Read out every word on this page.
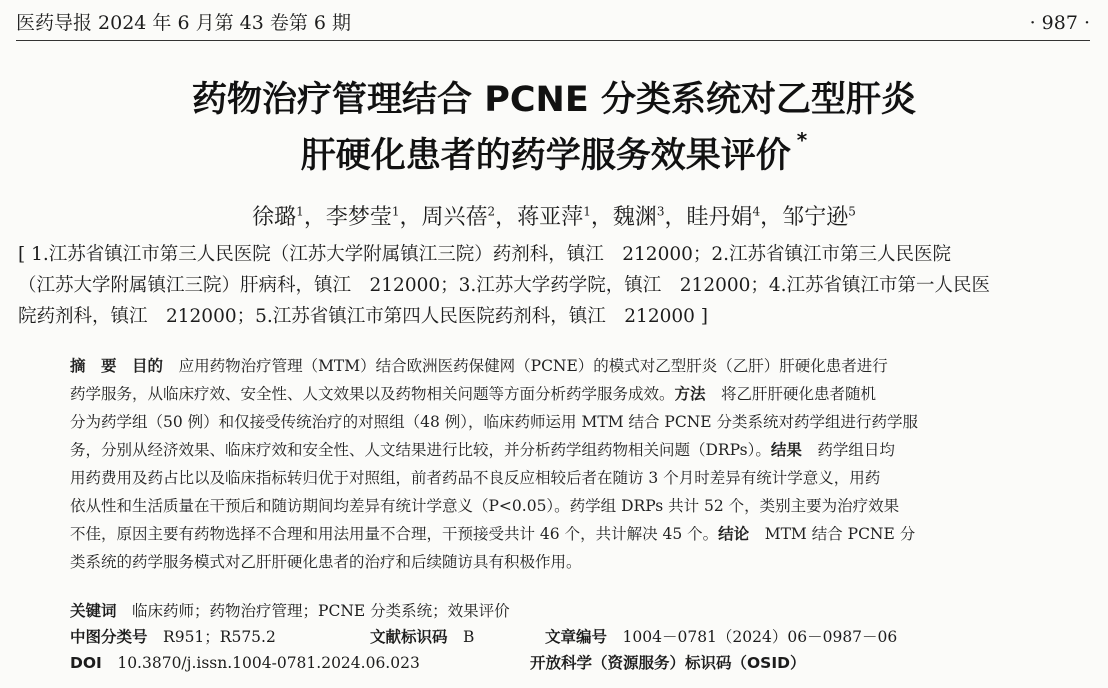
医药导报 2024 年 6 月第 43 卷第 6 期	· 987 ·
药物治疗管理结合 PCNE 分类系统对乙型肝炎
肝硬化患者的药学服务效果评价 *
徐璐$^1$，李梦莹$^1$，周兴蓓$^2$，蒋亚萍$^1$，魏渊$^3$，眭丹娟$^4$，邹宁逊$^5$
[ 1.江苏省镇江市第三人民医院（江苏大学附属镇江三院）药剂科，镇江　212000；2.江苏省镇江市第三人民医院
（江苏大学附属镇江三院）肝病科，镇江　212000；3.江苏大学药学院，镇江　212000；4.江苏省镇江市第一人民医
院药剂科，镇江　212000；5.江苏省镇江市第四人民医院药剂科，镇江　212000 ]
摘　要　 目的　 应用药物治疗管理（MTM）结合欧洲医药保健网（PCNE）的模式对乙型肝炎（乙肝）肝硬化患者进行
药学服务，从临床疗效、安全性、人文效果以及药物相关问题等方面分析药学服务成效。方法　 将乙肝肝硬化患者随机
分为药学组（50 例）和仅接受传统治疗的对照组（48 例），临床药师运用 MTM 结合 PCNE 分类系统对药学组进行药学服
务，分别从经济效果、临床疗效和安全性、人文结果进行比较，并分析药学组药物相关问题（DRPs）。结果　 药学组日均
用药费用及药占比以及临床指标转归优于对照组，前者药品不良反应相较后者在随访 3 个月时差异有统计学意义，用药
依从性和生活质量在干预后和随访期间均差异有统计学意义（P<0.05）。药学组 DRPs 共计 52 个，类别主要为治疗效果
不佳，原因主要有药物选择不合理和用法用量不合理，干预接受共计 46 个，共计解决 45 个。结论　 MTM 结合 PCNE 分
类系统的药学服务模式对乙肝肝硬化患者的治疗和后续随访具有积极作用。
关键词　 临床药师；药物治疗管理；PCNE 分类系统；效果评价
中图分类号　 R951；R575.2	文献标识码　 B	文章编号　 1004－0781（2024）06－0987－06
DOI　 10.3870/j.issn.1004-0781.2024.06.023	开放科学（资源服务）标识码（OSID）
